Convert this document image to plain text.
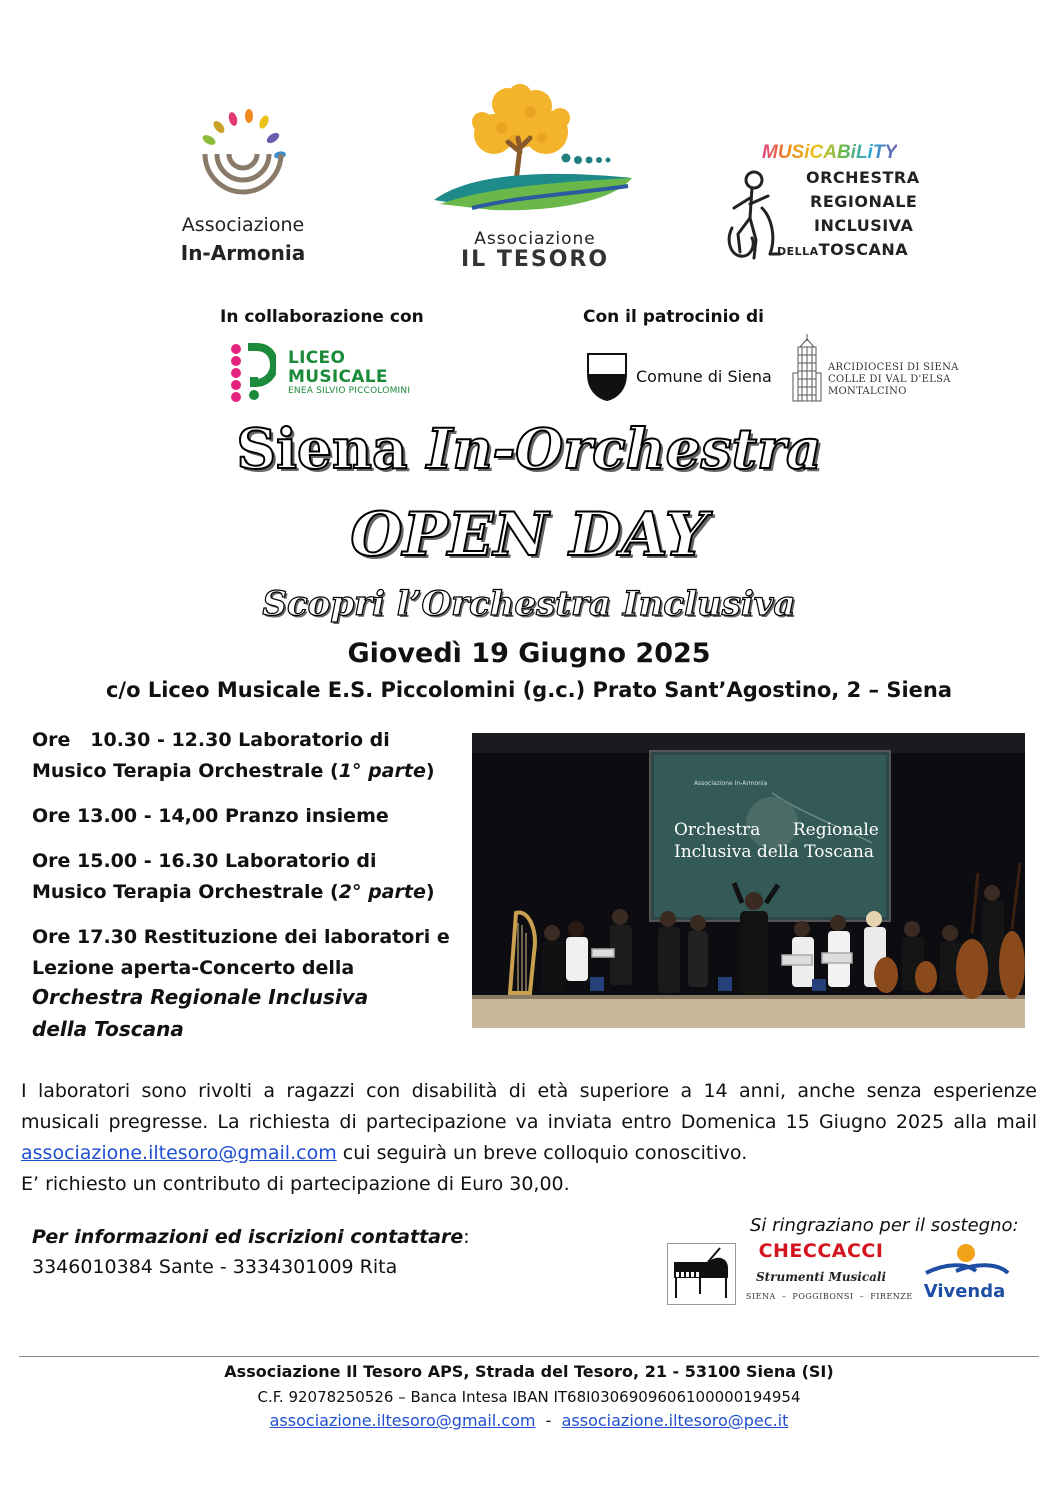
Associazione
In-Armonia
Associazione
IL TESORO
MUSiCABiLiTY
ORCHESTRA
REGIONALE
INCLUSIVA
DELLATOSCANA
In collaborazione con	Con il patrocinio di
LICEO
MUSICALE
ENEA SILVIO PICCOLOMINI
Comune di Siena	ARCIDIOCESI DI SIENA
COLLE DI VAL D'ELSA
MONTALCINO
Siena In-Orchestra
OPEN DAY
Scopri l’Orchestra Inclusiva
Giovedì 19 Giugno 2025
c/o Liceo Musicale E.S. Piccolomini (g.c.) Prato Sant’Agostino, 2 – Siena
Ore   10.30 - 12.30 Laboratorio di
Musico Terapia Orchestrale (1° parte)
Ore 13.00 - 14,00 Pranzo insieme
Ore 15.00 - 16.30 Laboratorio di
Musico Terapia Orchestrale (2° parte)
Ore 17.30 Restituzione dei laboratori e
Lezione aperta-Concerto della
Orchestra Regionale Inclusiva
della Toscana
Associazione In-Armonia
Orchestra      Regionale
Inclusiva della Toscana

I laboratori sono rivolti a ragazzi con disabilità di età superiore a 14 anni, anche senza esperienze

musicali pregresse. La richiesta di partecipazione va inviata entro Domenica 15 Giugno 2025 alla mail

associazione.iltesoro@gmail.com cui seguirà un breve colloquio conoscitivo.

E’ richiesto un contributo di partecipazione di Euro 30,00.

Per informazioni ed iscrizioni contattare:
3346010384 Sante - 3334301009 Rita
Si ringraziano per il sostegno:
CHECCACCI
Strumenti Musicali
SIENA  –  POGGIBONSI  –  FIRENZE Vivenda
Associazione Il Tesoro APS, Strada del Tesoro, 21 - 53100 Siena (SI)
C.F. 92078250526 – Banca Intesa IBAN IT68I0306909606100000194954
associazione.iltesoro@gmail.com  -  associazione.iltesoro@pec.it
